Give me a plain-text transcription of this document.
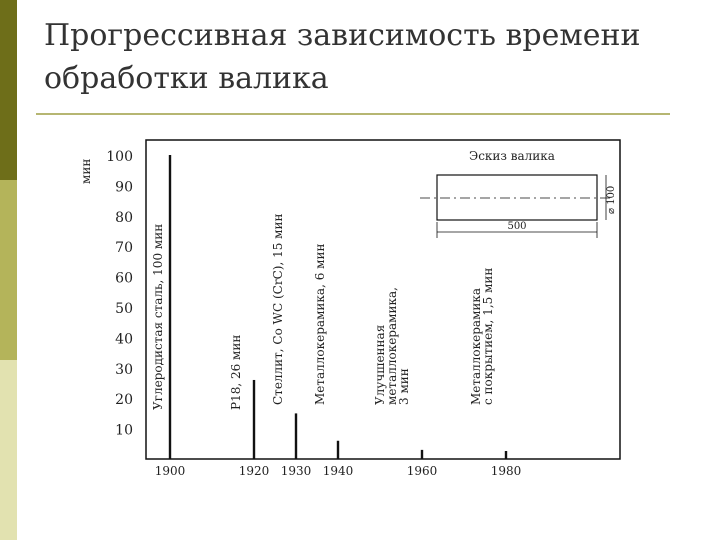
Прогрессивная зависимость времени
обработки валика
мин
10
20
30
40
50
60
70
80
90
100
1900	1920 1930 1940	1960	1980
Углеродистая сталь, 100 мин	Р18, 26 мин Стеллит, Со WC (CrC), 15 мин Металлокерамика, 6 мин	Улучшенная
металлокерамика,
3 мин	Металлокерамика
с покрытием, 1,5 мин
Эскиз валика
500
⌀ 100
